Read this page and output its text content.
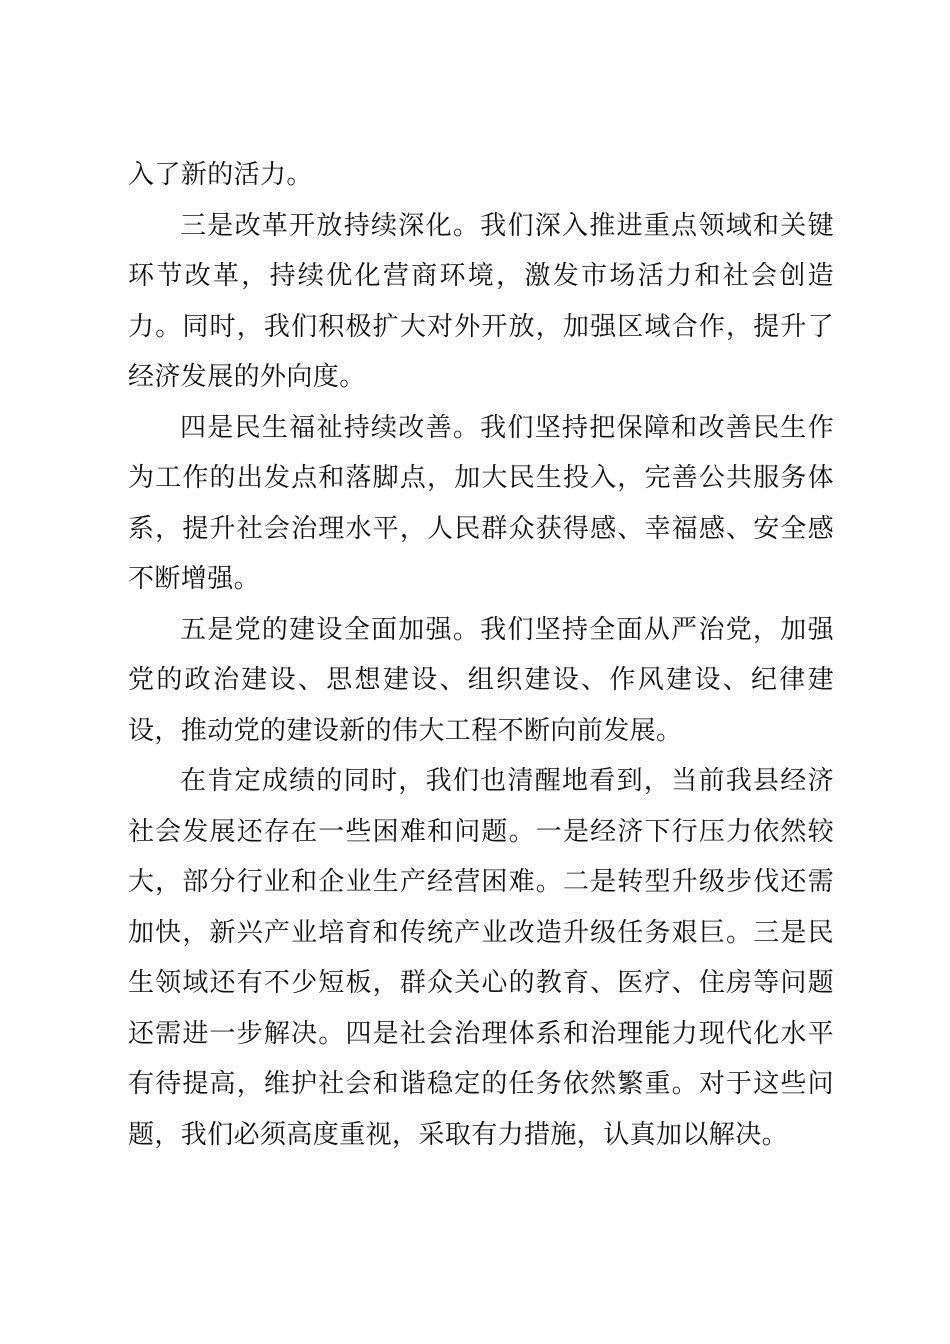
入了新的活力。

三是改革开放持续深化。我们深入推进重点领域和关键环节改革，持续优化营商环境，激发市场活力和社会创造力。同时，我们积极扩大对外开放，加强区域合作，提升了经济发展的外向度。

四是民生福祉持续改善。我们坚持把保障和改善民生作为工作的出发点和落脚点，加大民生投入，完善公共服务体系，提升社会治理水平，人民群众获得感、幸福感、安全感不断增强。

五是党的建设全面加强。我们坚持全面从严治党，加强党的政治建设、思想建设、组织建设、作风建设、纪律建设，推动党的建设新的伟大工程不断向前发展。

在肯定成绩的同时，我们也清醒地看到，当前我县经济社会发展还存在一些困难和问题。一是经济下行压力依然较大，部分行业和企业生产经营困难。二是转型升级步伐还需加快，新兴产业培育和传统产业改造升级任务艰巨。三是民生领域还有不少短板，群众关心的教育、医疗、住房等问题还需进一步解决。四是社会治理体系和治理能力现代化水平有待提高，维护社会和谐稳定的任务依然繁重。对于这些问题，我们必须高度重视，采取有力措施，认真加以解决。
